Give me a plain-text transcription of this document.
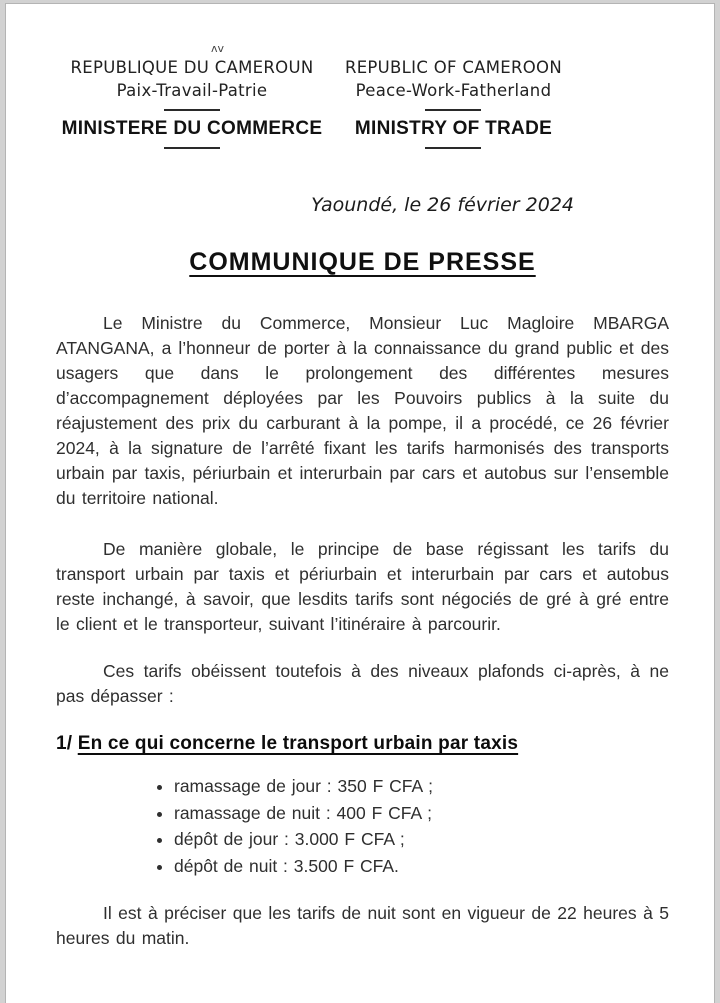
ʌv
REPUBLIQUE DU CAMEROUN
Paix-Travail-Patrie
MINISTERE DU COMMERCE
REPUBLIC OF CAMEROON
Peace-Work-Fatherland
MINISTRY OF TRADE
Yaoundé, le 26 février 2024
COMMUNIQUE DE PRESSE

Le Ministre du Commerce, Monsieur Luc Magloire MBARGA ATANGANA, a l’honneur de porter à la connaissance du grand public et des usagers que dans le prolongement des différentes mesures d’accompagnement déployées par les Pouvoirs publics à la suite du réajustement des prix du carburant à la pompe, il a procédé, ce 26 février 2024, à la signature de l’arrêté fixant les tarifs harmonisés des transports urbain par taxis, périurbain et interurbain par cars et autobus sur l’ensemble du territoire national.

De manière globale, le principe de base régissant les tarifs du transport urbain par taxis et périurbain et interurbain par cars et autobus reste inchangé, à savoir, que lesdits tarifs sont négociés de gré à gré entre le client et le transporteur, suivant l’itinéraire à parcourir.

Ces tarifs obéissent toutefois à des niveaux plafonds ci-après, à ne pas dépasser :

1/ En ce qui concerne le transport urbain par taxis
• ramassage de jour : 350 F CFA ;
• ramassage de nuit : 400 F CFA ;
• dépôt de jour : 3.000 F CFA ;
• dépôt de nuit : 3.500 F CFA.

Il est à préciser que les tarifs de nuit sont en vigueur de 22 heures à 5 heures du matin.
